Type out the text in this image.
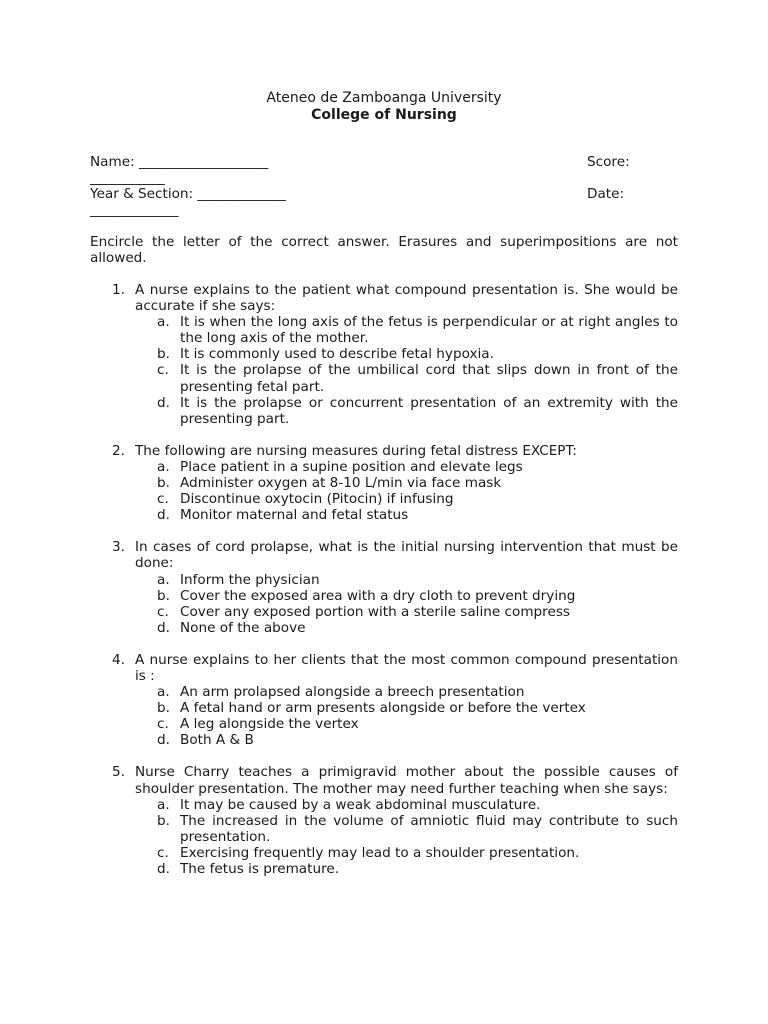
Ateneo de Zamboanga University
College of Nursing
Name: ___________________	Score:
___________
Year & Section: _____________	Date:
_____________
Encircle the letter of the correct answer. Erasures and superimpositions are not allowed.
1. A nurse explains to the patient what compound presentation is. She would be accurate if she says:
a. It is when the long axis of the fetus is perpendicular or at right angles to the long axis of the mother.
b. It is commonly used to describe fetal hypoxia.
c. It is the prolapse of the umbilical cord that slips down in front of the presenting fetal part.
d. It is the prolapse or concurrent presentation of an extremity with the presenting part.
2. The following are nursing measures during fetal distress EXCEPT:
a. Place patient in a supine position and elevate legs
b. Administer oxygen at 8-10 L/min via face mask
c. Discontinue oxytocin (Pitocin) if infusing
d. Monitor maternal and fetal status
3. In cases of cord prolapse, what is the initial nursing intervention that must be done:
a. Inform the physician
b. Cover the exposed area with a dry cloth to prevent drying
c. Cover any exposed portion with a sterile saline compress
d. None of the above
4. A nurse explains to her clients that the most common compound presentation is :
a. An arm prolapsed alongside a breech presentation
b. A fetal hand or arm presents alongside or before the vertex
c. A leg alongside the vertex
d. Both A & B
5. Nurse Charry teaches a primigravid mother about the possible causes of shoulder presentation. The mother may need further teaching when she says:
a. It may be caused by a weak abdominal musculature.
b. The increased in the volume of amniotic fluid may contribute to such presentation.
c. Exercising frequently may lead to a shoulder presentation.
d. The fetus is premature.
